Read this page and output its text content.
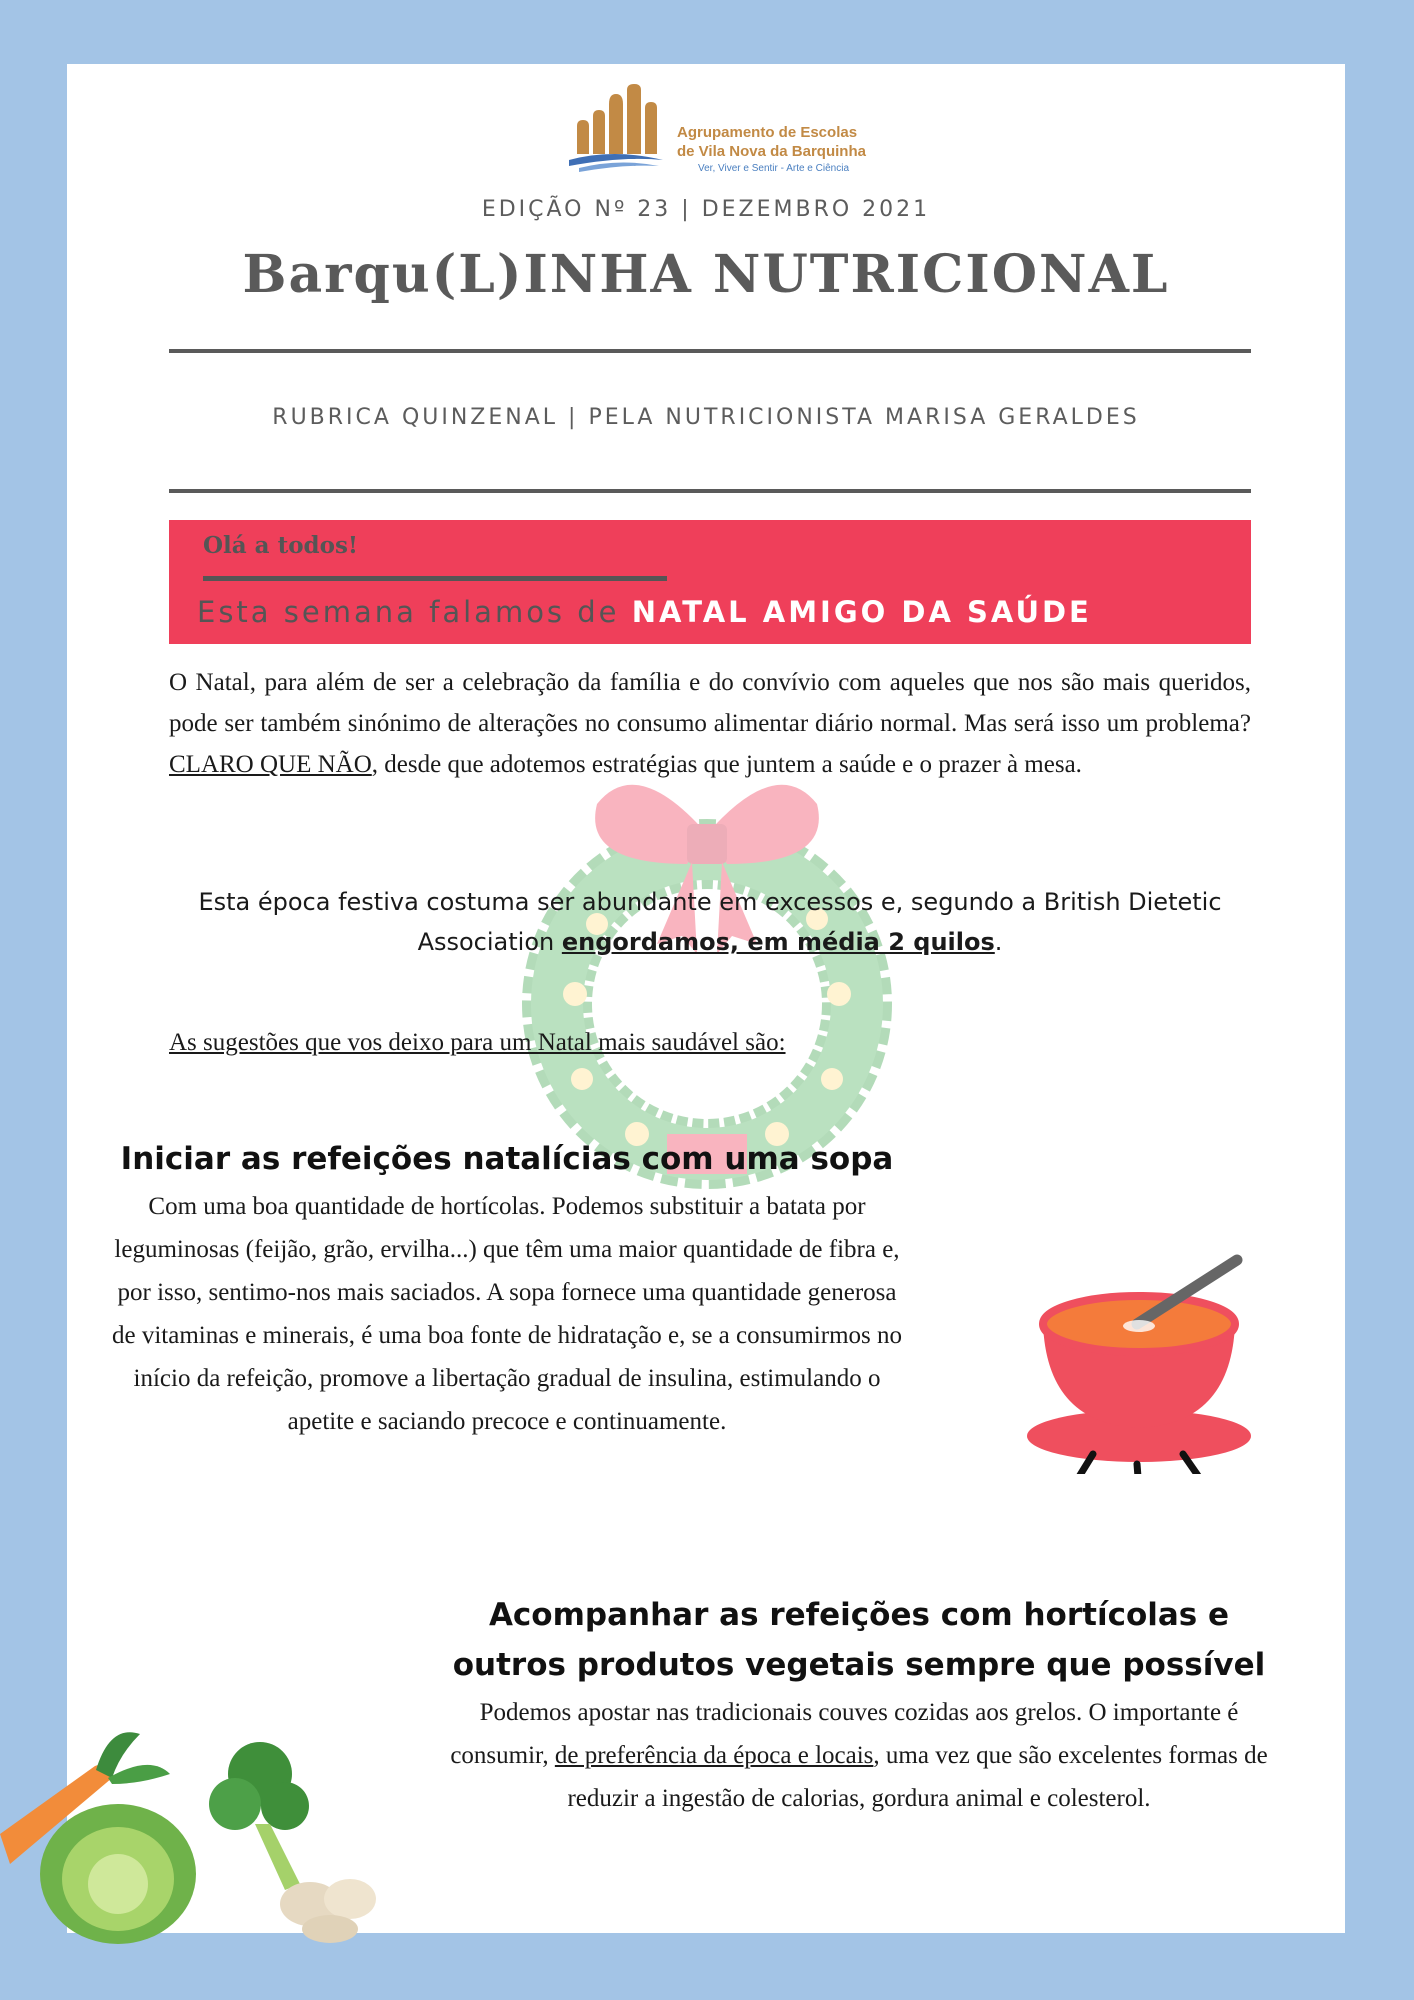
Agrupamento de Escolas
de Vila Nova da Barquinha
Ver, Viver e Sentir - Arte e Ciência
EDIÇÃO Nº 23 | DEZEMBRO 2021
Barqu(L)INHA NUTRICIONAL
RUBRICA QUINZENAL | PELA NUTRICIONISTA MARISA GERALDES
Olá a todos!
Esta semana falamos de NATAL AMIGO DA SAÚDE
O Natal, para além de ser a celebração da família e do convívio com aqueles que nos são mais queridos, pode ser também sinónimo de alterações no consumo alimentar diário normal. Mas será isso um problema? CLARO QUE NÃO, desde que adotemos estratégias que juntem a saúde e o prazer à mesa.
Esta época festiva costuma ser abundante em excessos e, segundo a British Dietetic Association engordamos, em média 2 quilos.
As sugestões que vos deixo para um Natal mais saudável são:
Iniciar as refeições natalícias com uma sopa
Com uma boa quantidade de hortícolas. Podemos substituir a batata por leguminosas (feijão, grão, ervilha...) que têm uma maior quantidade de fibra e, por isso, sentimo-nos mais saciados. A sopa fornece uma quantidade generosa de vitaminas e minerais, é uma boa fonte de hidratação e, se a consumirmos no início da refeição, promove a libertação gradual de insulina, estimulando o apetite e saciando precoce e continuamente.
Acompanhar as refeições com hortícolas e outros produtos vegetais sempre que possível
Podemos apostar nas tradicionais couves cozidas aos grelos. O importante é consumir, de preferência da época e locais, uma vez que são excelentes formas de reduzir a ingestão de calorias, gordura animal e colesterol.
